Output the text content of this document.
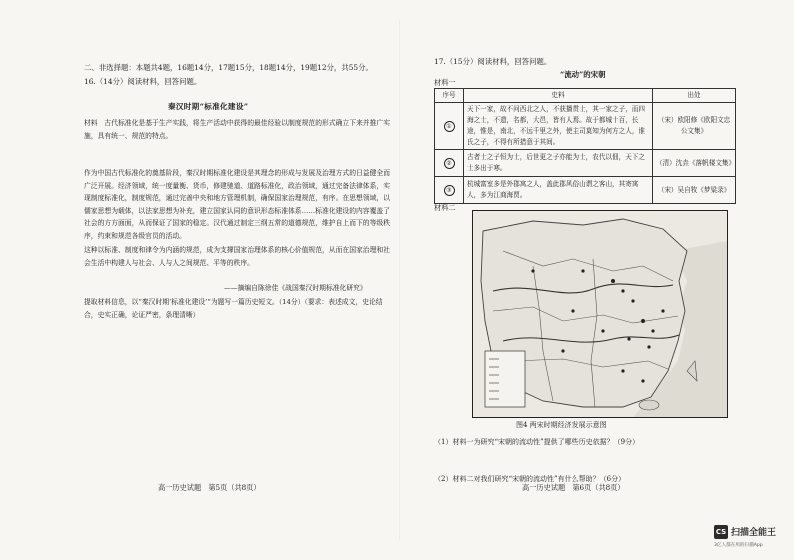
二、非选择题：本题共4题，16题14分，17题15分，18题14分，19题12分，共55分。
16.（14分）阅读材料，回答问题。
秦汉时期“标准化建设”
材料　古代标准化是基于生产实践，将生产活动中获得的最佳经验以制度规范的形式确立下来并推广实施，具有统一、规范的特点。
作为中国古代标准化的奠基阶段，秦汉时期标准化建设是其理念的形成与发展及治理方式的日益健全而广泛开展。经济领域，统一度量衡、货币，修建驰道、道路标准化，政治领域，通过完备法律体系，实现制度标准化，制度规范，通过完善中央和地方管理机制，确保国家治理规范，有序。在思想领域，以儒家思想为载体，以法家思想为补充，建立国家认同的意识形态标准体系……标准化建设的内容覆盖了社会的方方面面，从而保证了国家的稳定。汉代通过制定三纲五常的道德规范，维护自上而下的等级秩序，约束和规范各级官员的活动。
这种以标准、制度和律令为内涵的规范，成为支撑国家治理体系的核心价值规范，从而在国家治理和社会生活中构建人与社会、人与人之间规范、平等的秩序。
——摘编自陈徐佳《战国秦汉时期标准化研究》
提取材料信息，以“秦汉时期‘标准化建设’”为题写一篇历史短文。（14分）（要求：表述成文，史论结合，史实正确，论证严密，条理清晰）
高一历史试题　第5页（共8页）
17.（15分）阅读材料，回答问题。
“流动”的宋朝
材料一
序号	史料	出处
①	天下一家，故不问西北之人，不获播贯士，其一家之子，而四海之士，不遗，名都，大邑，皆有人焉。故于都城十百，长途，惟是，南北，不远千里之外，使主司莫知为何方之人，谁氏之子，不得有所措意于其间。	（宋）欧阳修《欧阳文忠公文集》
②	古者士之子恒为士，后世更之子亦能为士，农代以佃，天下之士多出于寒。	（清）沈垚《落帆楼文集》
③	杭城富室多是外郡寓之人，盖此郡风俗山谓之客山，其寄寓人，多为江商海贾。	（宋）吴自牧《梦粱录》
材料二
图4 两宋时期经济发展示意图
（1）材料一为研究“宋朝的流动性”提供了哪些历史依据？（9分）
（2）材料二对我们研究“宋朝的流动性”有什么帮助？（6分）
高一历史试题　第6页（共8页）
CS 扫描全能王
3亿人都在用的扫描App
